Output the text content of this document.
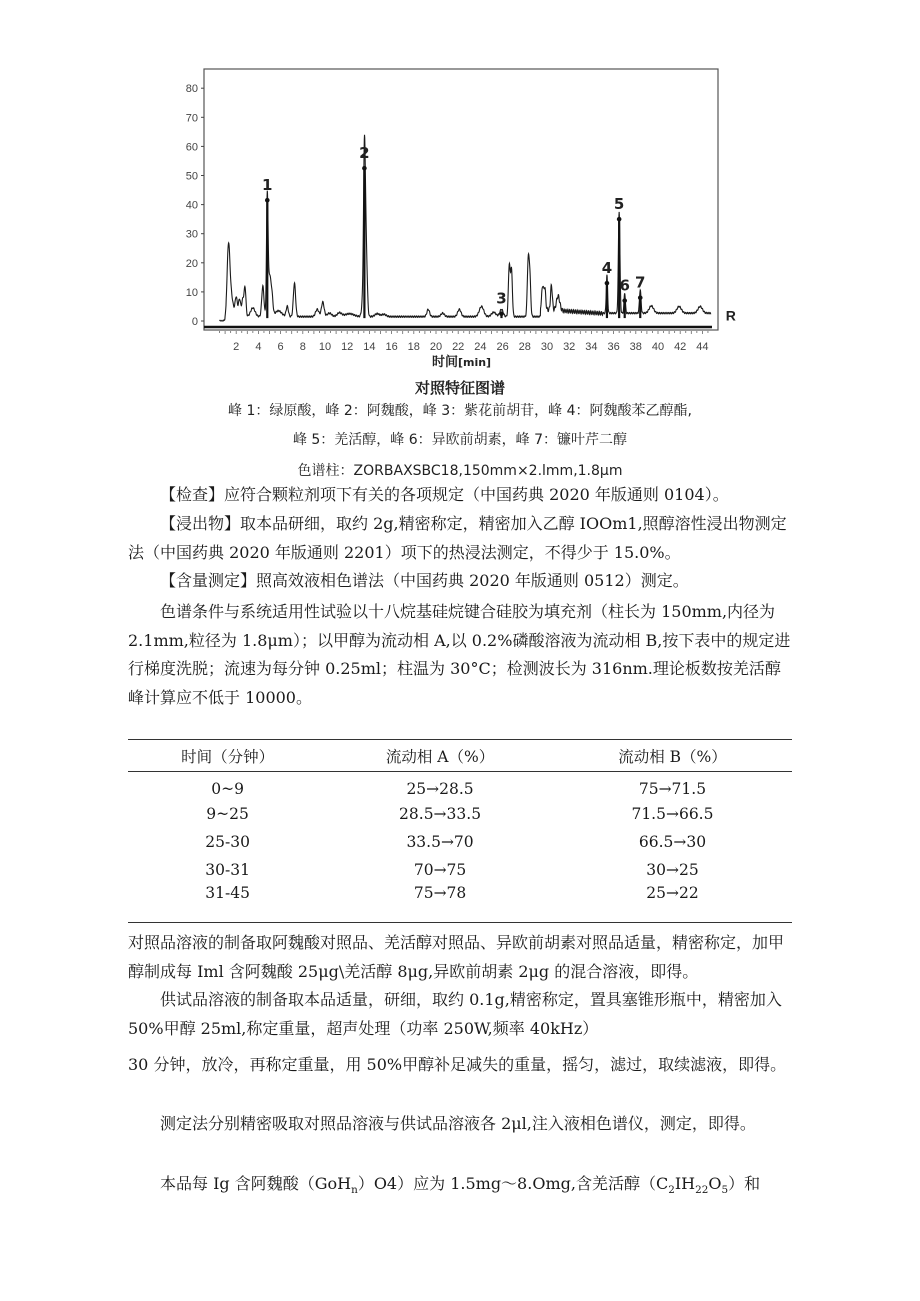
0
10
20
30
40
50
60
70
80
2 4 6 8 10 12 14 16 18 20 22 24 26 28 30 32 34 36 38 40 42 44
时间[min]
R
1
2
3
4
5
6 7
对照特征图谱
峰 1：绿原酸，峰 2：阿魏酸，峰 3：紫花前胡苷，峰 4：阿魏酸苯乙醇酯,
峰 5：羌活醇，峰 6：异欧前胡素，峰 7：镰叶芹二醇
色谱柱：ZORBAXSBC18,150mm×2.lmm,1.8μm
【检查】应符合颗粒剂项下有关的各项规定（中国药典 2020 年版通则 0104）。
【浸出物】取本品研细，取约 2g,精密称定，精密加入乙醇 IOOm1,照醇溶性浸出物测定法（中国药典 2020 年版通则 2201）项下的热浸法测定，不得少于 15.0%。
【含量测定】照高效液相色谱法（中国药典 2020 年版通则 0512）测定。
色谱条件与系统适用性试验以十八烷基硅烷键合硅胶为填充剂（柱长为 150mm,内径为 2.1mm,粒径为 1.8μm）；以甲醇为流动相 A,以 0.2%磷酸溶液为流动相 B,按下表中的规定进行梯度洗脱；流速为每分钟 0.25ml；柱温为 30°C；检测波长为 316nm.理论板数按羌活醇峰计算应不低于 10000。
时间（分钟）	流动相 A（%）	流动相 B（%）
0~9	25→28.5	75→71.5
9~25	28.5→33.5	71.5→66.5
25-30	33.5→70	66.5→30
30-31	70→75	30→25
31-45	75→78	25→22
对照品溶液的制备取阿魏酸对照品、羌活醇对照品、异欧前胡素对照品适量，精密称定，加甲醇制成每 Iml 含阿魏酸 25μg\羌活醇 8μg,异欧前胡素 2μg 的混合溶液，即得。
供试品溶液的制备取本品适量，研细，取约 0.1g,精密称定，置具塞锥形瓶中，精密加入 50%甲醇 25ml,称定重量，超声处理（功率 250W,频率 40kHz）
30 分钟，放冷，再称定重量，用 50%甲醇补足减失的重量，摇匀，滤过，取续滤液，即得。
测定法分别精密吸取对照品溶液与供试品溶液各 2μl,注入液相色谱仪，测定，即得。
本品每 Ig 含阿魏酸（GoH$_n$）O4）应为 1.5mg～8.Omg,含羌活醇$(C_2IH_{22}O_5)$和
